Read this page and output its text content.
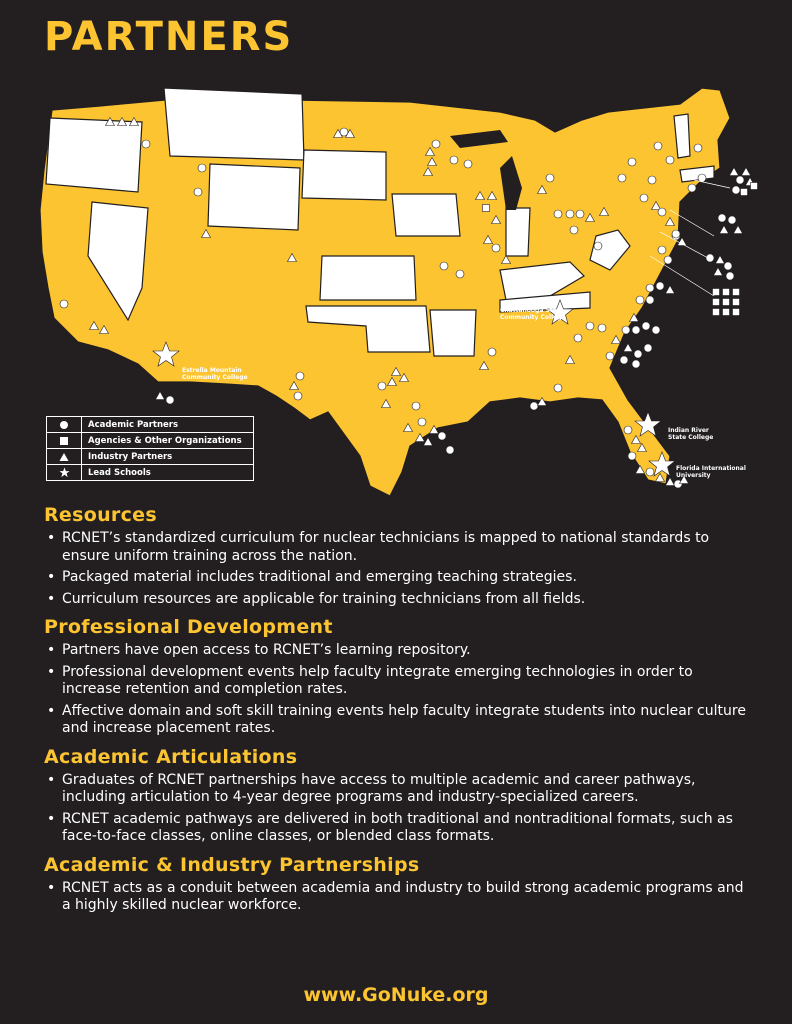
PARTNERS
Estrella Mountain
Community College
Chattanooga State
Community College
Indian River
State College
Florida International
University
Academic Partners
Agencies & Other Organizations
Industry Partners
Lead Schools
Resources
• RCNET’s standardized curriculum for nuclear technicians is mapped to national standards to ensure uniform training across the nation.
• Packaged material includes traditional and emerging teaching strategies.
• Curriculum resources are applicable for training technicians from all fields.
Professional Development
• Partners have open access to RCNET’s learning repository.
• Professional development events help faculty integrate emerging technologies in order to increase retention and completion rates.
• Affective domain and soft skill training events help faculty integrate students into nuclear culture and increase placement rates.
Academic Articulations
• Graduates of RCNET partnerships have access to multiple academic and career pathways, including articulation to 4-year degree programs and industry-specialized careers.
• RCNET academic pathways are delivered in both traditional and nontraditional formats, such as face-to-face classes, online classes, or blended class formats.
Academic & Industry Partnerships
• RCNET acts as a conduit between academia and industry to build strong academic programs and a highly skilled nuclear workforce.
www.GoNuke.org
